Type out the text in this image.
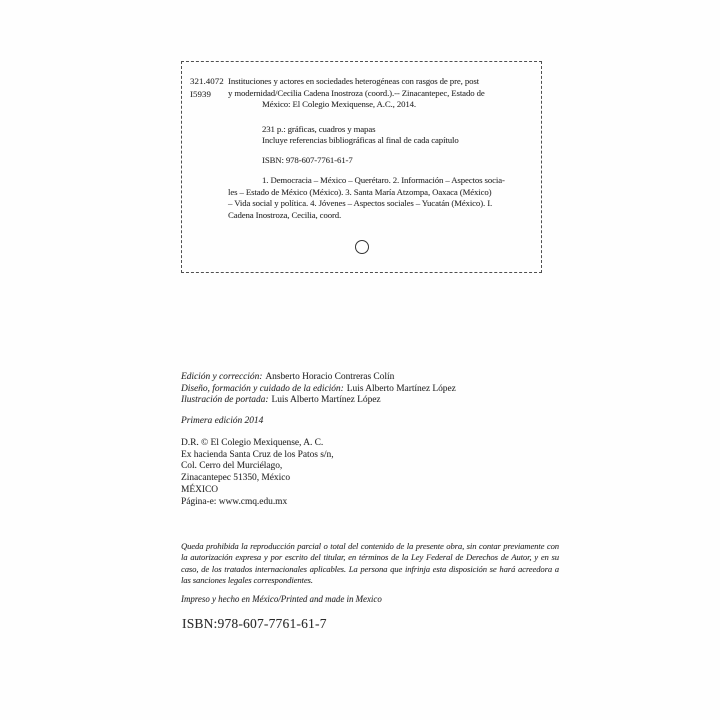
321.4072
I5939
Instituciones y actores en sociedades heterogéneas con rasgos de pre, post
y modernidad/Cecilia Cadena Inostroza (coord.).-- Zinacantepec, Estado de
México: El Colegio Mexiquense, A.C., 2014.
231 p.: gráficas, cuadros y mapas
Incluye referencias bibliográficas al final de cada capítulo
ISBN: 978-607-7761-61-7
1. Democracia – México – Querétaro. 2. Información – Aspectos socia-
les – Estado de México (México). 3. Santa María Atzompa, Oaxaca (México)
– Vida social y política. 4. Jóvenes – Aspectos sociales – Yucatán (México). I.
Cadena Inostroza, Cecilia, coord.
Edición y corrección: Ansberto Horacio Contreras Colín
Diseño, formación y cuidado de la edición: Luis Alberto Martínez López
Ilustración de portada: Luis Alberto Martínez López
Primera edición 2014
D.R. © El Colegio Mexiquense, A. C.
Ex hacienda Santa Cruz de los Patos s/n,
Col. Cerro del Murciélago,
Zinacantepec 51350, México
MÉXICO
Página-e: www.cmq.edu.mx
Queda prohibida la reproducción parcial o total del contenido de la presente obra, sin contar previamente con la autorización expresa y por escrito del titular, en términos de la Ley Federal de Derechos de Autor, y en su caso, de los tratados internacionales aplicables. La persona que infrinja esta disposición se hará acreedora a las sanciones legales correspondientes.
Impreso y hecho en México/Printed and made in Mexico
ISBN:978-607-7761-61-7
